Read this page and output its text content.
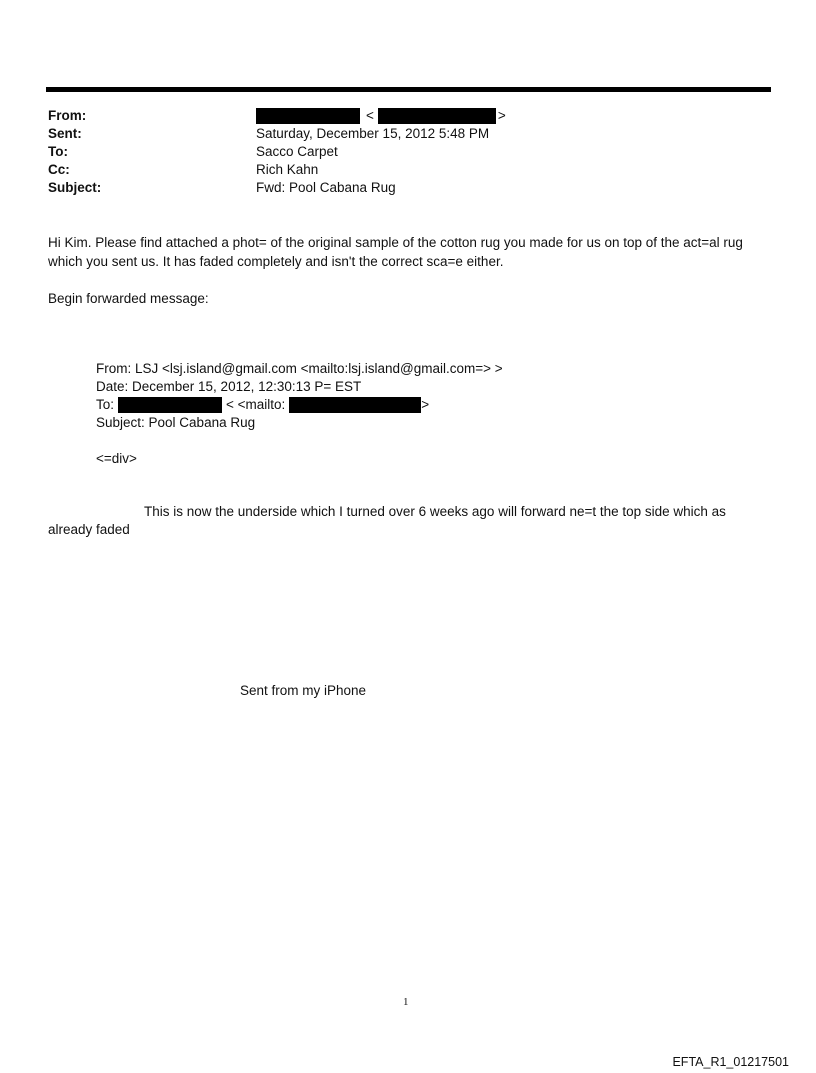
From:	<	>
Sent:	Saturday, December 15, 2012 5:48 PM
To:	Sacco Carpet
Cc:	Rich Kahn
Subject:	Fwd: Pool Cabana Rug
Hi Kim. Please find attached a phot= of the original sample of the cotton rug you made for us on top of the act=al rug which you sent us. It has faded completely and isn't the correct sca=e either.
Begin forwarded message:
From: LSJ <lsj.island@gmail.com <mailto:lsj.island@gmail.com=> >
Date: December 15, 2012, 12:30:13 P= EST
To:	< <mailto:	>
Subject: Pool Cabana Rug
<=div>
This is now the underside which I turned over 6 weeks ago will forward ne=t the top side which as already faded
Sent from my iPhone
1
EFTA_R1_01217501
